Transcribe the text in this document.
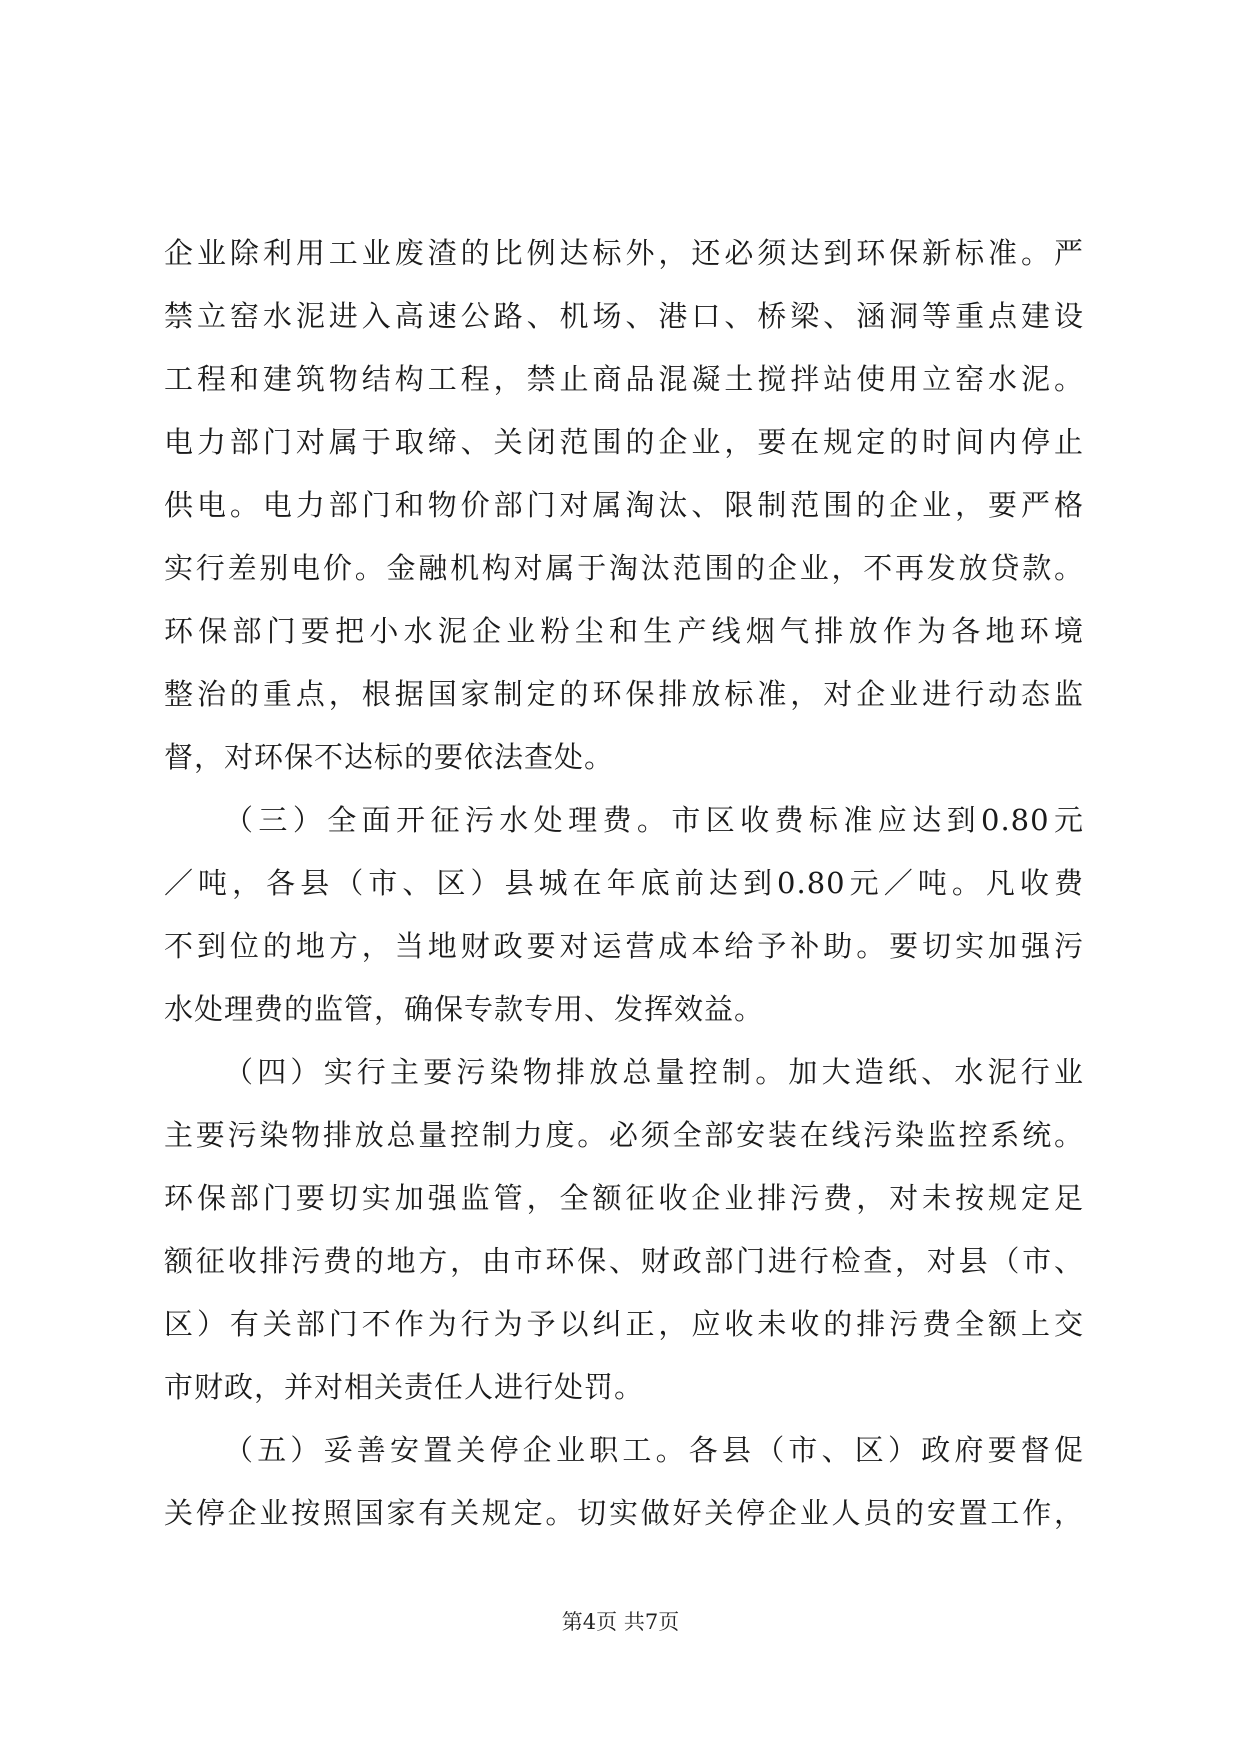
企业除利用工业废渣的比例达标外，还必须达到环保新标准。严
禁立窑水泥进入高速公路、机场、港口、桥梁、涵洞等重点建设
工程和建筑物结构工程，禁止商品混凝土搅拌站使用立窑水泥。
电力部门对属于取缔、关闭范围的企业，要在规定的时间内停止
供电。电力部门和物价部门对属淘汰、限制范围的企业，要严格
实行差别电价。金融机构对属于淘汰范围的企业，不再发放贷款。
环保部门要把小水泥企业粉尘和生产线烟气排放作为各地环境
整治的重点，根据国家制定的环保排放标准，对企业进行动态监
督，对环保不达标的要依法查处。
（三）全面开征污水处理费。市区收费标准应达到0.80元
／吨，各县（市、区）县城在年底前达到0.80元／吨。凡收费
不到位的地方，当地财政要对运营成本给予补助。要切实加强污
水处理费的监管，确保专款专用、发挥效益。
（四）实行主要污染物排放总量控制。加大造纸、水泥行业
主要污染物排放总量控制力度。必须全部安装在线污染监控系统。
环保部门要切实加强监管，全额征收企业排污费，对未按规定足
额征收排污费的地方，由市环保、财政部门进行检查，对县（市、
区）有关部门不作为行为予以纠正，应收未收的排污费全额上交
市财政，并对相关责任人进行处罚。
（五）妥善安置关停企业职工。各县（市、区）政府要督促
关停企业按照国家有关规定。切实做好关停企业人员的安置工作，
第4页 共7页
